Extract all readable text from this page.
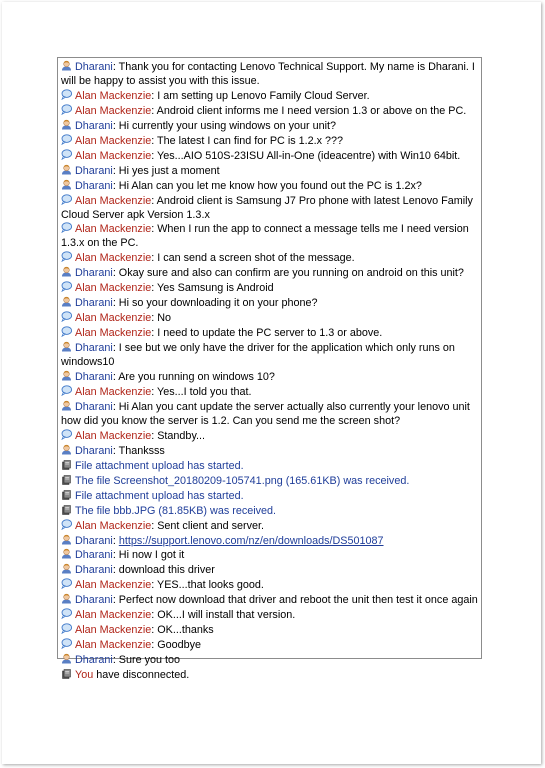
Dharani: Thank you for contacting Lenovo Technical Support. My name is Dharani. I will be happy to assist you with this issue.
Alan Mackenzie: I am setting up Lenovo Family Cloud Server.
Alan Mackenzie: Android client informs me I need version 1.3 or above on the PC.
Dharani: Hi currently your using windows on your unit?
Alan Mackenzie: The latest I can find for PC is 1.2.x ???
Alan Mackenzie: Yes...AIO 510S-23ISU All-in-One (ideacentre) with Win10 64bit.
Dharani: Hi yes just a moment
Dharani: Hi Alan can you let me know how you found out the PC is 1.2x?
Alan Mackenzie: Android client is Samsung J7 Pro phone with latest Lenovo Family Cloud Server apk Version 1.3.x
Alan Mackenzie: When I run the app to connect a message tells me I need version 1.3.x on the PC.
Alan Mackenzie: I can send a screen shot of the message.
Dharani: Okay sure and also can confirm are you running on android on this unit?
Alan Mackenzie: Yes Samsung is Android
Dharani: Hi so your downloading it on your phone?
Alan Mackenzie: No
Alan Mackenzie: I need to update the PC server to 1.3 or above.
Dharani: I see but we only have the driver for the application which only runs on windows10
Dharani: Are you running on windows 10?
Alan Mackenzie: Yes...I told you that.
Dharani: Hi Alan you cant update the server actually also currently your lenovo unit how did you know the server is 1.2. Can you send me the screen shot?
Alan Mackenzie: Standby...
Dharani: Thanksss
File attachment upload has started.
The file Screenshot_20180209-105741.png (165.61KB) was received.
File attachment upload has started.
The file bbb.JPG (81.85KB) was received.
Alan Mackenzie: Sent client and server.
Dharani: https://support.lenovo.com/nz/en/downloads/DS501087
Dharani: Hi now I got it
Dharani: download this driver
Alan Mackenzie: YES...that looks good.
Dharani: Perfect now download that driver and reboot the unit then test it once again
Alan Mackenzie: OK...I will install that version.
Alan Mackenzie: OK...thanks
Alan Mackenzie: Goodbye
Dharani: Sure you too
You have disconnected.
